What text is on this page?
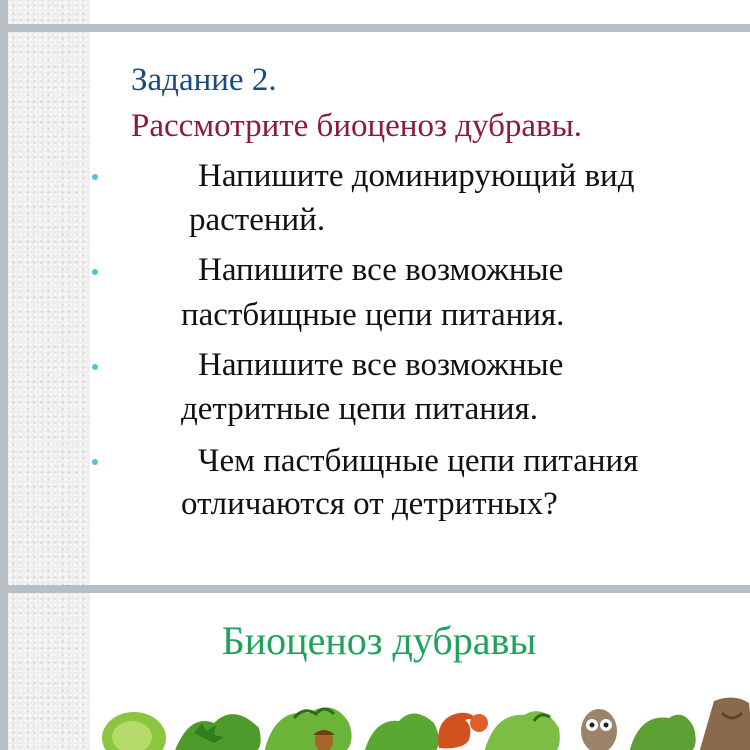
Задание 2.
Рассмотрите биоценоз дубравы.
Напишите доминирующий вид
растений.
Напишите все возможные
пастбищные цепи питания.
Напишите все возможные
детритные цепи питания.
Чем пастбищные цепи питания
отличаются от детритных?
Биоценоз дубравы
